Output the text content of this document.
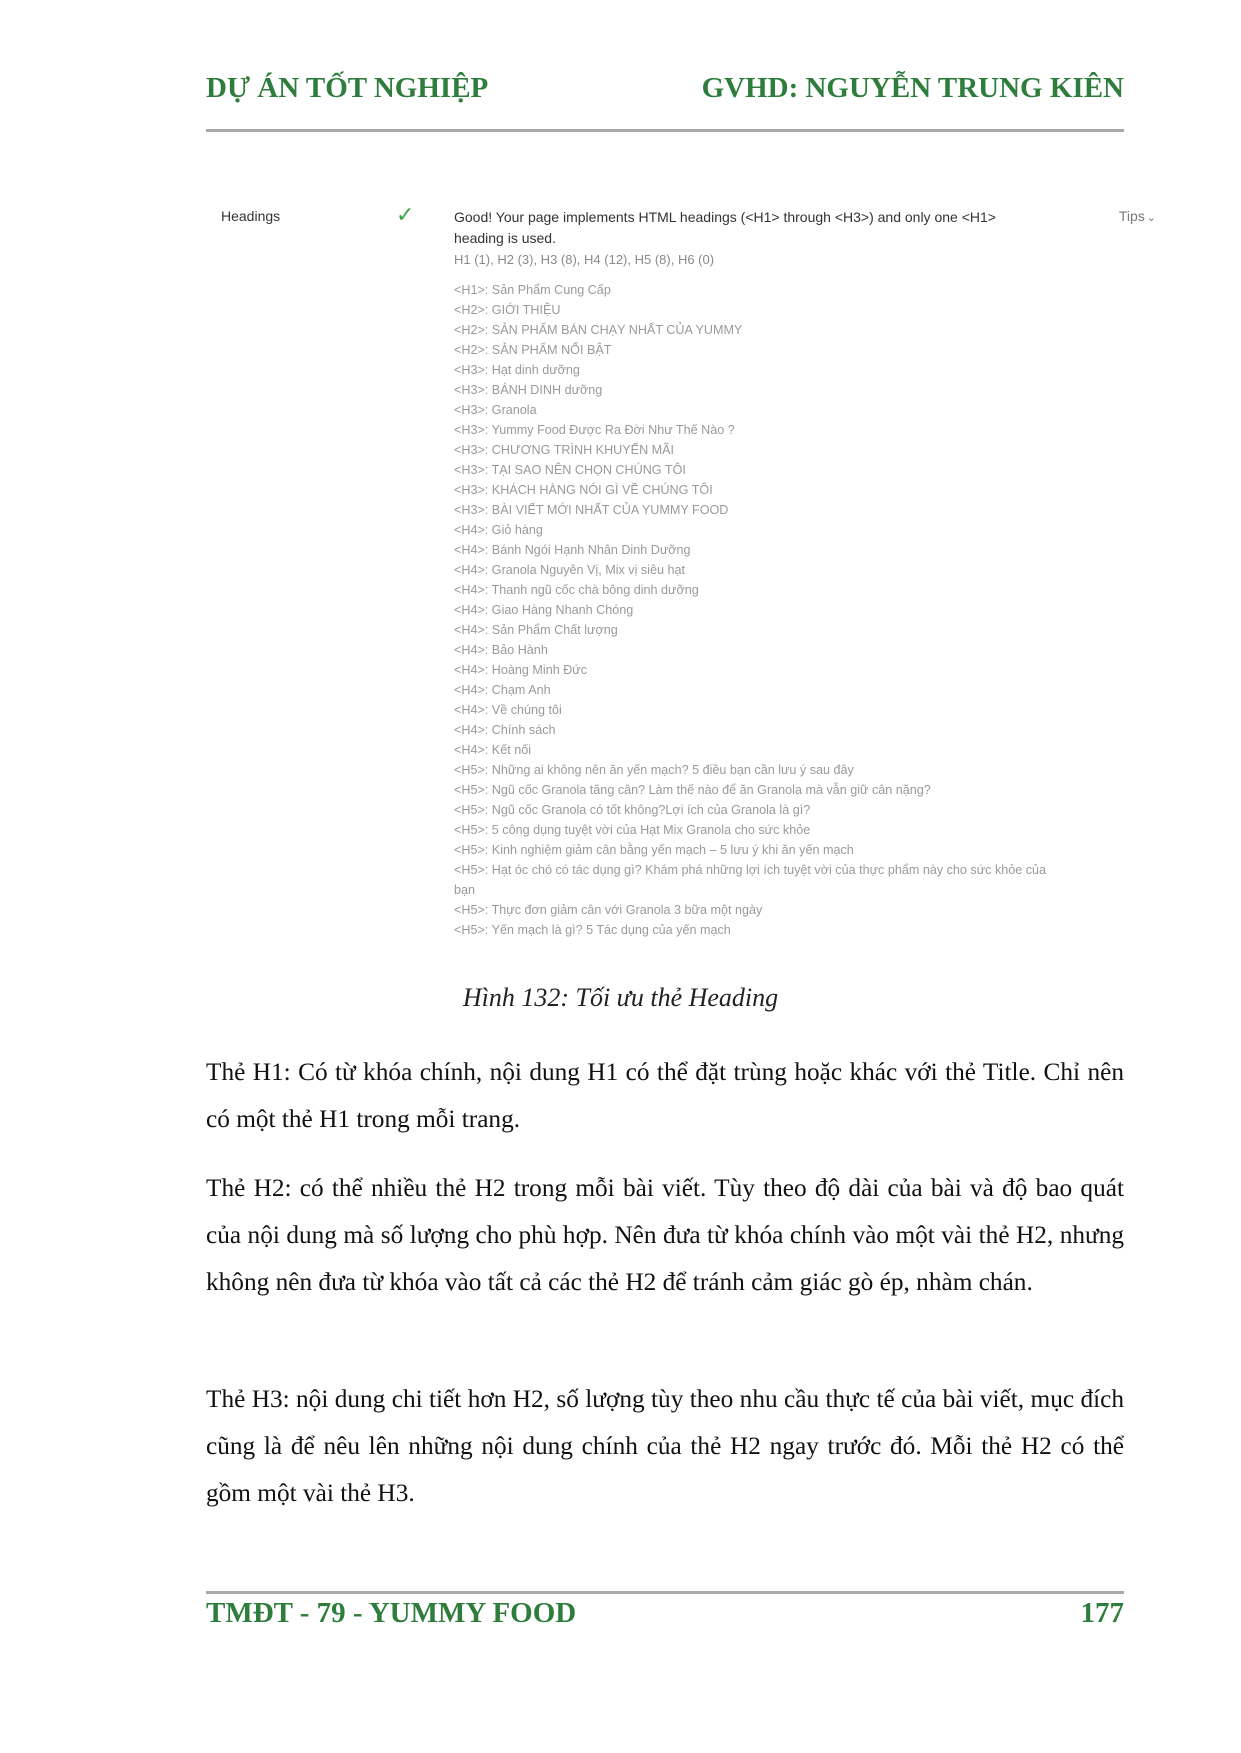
DỰ ÁN TỐT NGHIỆP	GVHD: NGUYỄN TRUNG KIÊN
Headings	✓	Good! Your page implements HTML headings (<H1> through <H3>) and only one <H1> heading is used.
H1 (1), H2 (3), H3 (8), H4 (12), H5 (8), H6 (0)
<H1>: Sản Phẩm Cung Cấp
<H2>: GIỚI THIỆU
<H2>: SẢN PHẨM BÁN CHẠY NHẤT CỦA YUMMY
<H2>: SẢN PHẨM NỔI BẬT
<H3>: Hạt dinh dưỡng
<H3>: BÁNH DINH dưỡng
<H3>: Granola
<H3>: Yummy Food Được Ra Đời Như Thế Nào ?
<H3>: CHƯƠNG TRÌNH KHUYẾN MÃI
<H3>: TẠI SAO NÊN CHỌN CHÚNG TÔI
<H3>: KHÁCH HÀNG NÓI GÌ VỀ CHÚNG TÔI
<H3>: BÀI VIẾT MỚI NHẤT CỦA YUMMY FOOD
<H4>: Giỏ hàng
<H4>: Bánh Ngói Hạnh Nhân Dinh Dưỡng
<H4>: Granola Nguyên Vị, Mix vị siêu hạt
<H4>: Thanh ngũ cốc chà bông dinh dưỡng
<H4>: Giao Hàng Nhanh Chóng
<H4>: Sản Phẩm Chất lượng
<H4>: Bảo Hành
<H4>: Hoàng Minh Đức
<H4>: Chạm Anh
<H4>: Về chúng tôi
<H4>: Chính sách
<H4>: Kết nối
<H5>: Những ai không nên ăn yến mạch? 5 điều bạn cần lưu ý sau đây
<H5>: Ngũ cốc Granola tăng cân? Làm thế nào để ăn Granola mà vẫn giữ cân nặng?
<H5>: Ngũ cốc Granola có tốt không?Lợi ích của Granola là gì?
<H5>: 5 công dụng tuyệt vời của Hạt Mix Granola cho sức khỏe
<H5>: Kinh nghiệm giảm cân bằng yến mạch – 5 lưu ý khi ăn yến mạch
<H5>: Hạt óc chó có tác dụng gì? Khám phá những lợi ích tuyệt vời của thực phẩm này cho sức khỏe của bạn
<H5>: Thực đơn giảm cân với Granola 3 bữa một ngày
<H5>: Yến mạch là gì? 5 Tác dụng của yến mạch
Tips ⌄
Hình 132: Tối ưu thẻ Heading

Thẻ H1: Có từ khóa chính, nội dung H1 có thể đặt trùng hoặc khác với thẻ Title. Chỉ nên có một thẻ H1 trong mỗi trang.

Thẻ H2: có thể nhiều thẻ H2 trong mỗi bài viết. Tùy theo độ dài của bài và độ bao quát của nội dung mà số lượng cho phù hợp. Nên đưa từ khóa chính vào một vài thẻ H2, nhưng không nên đưa từ khóa vào tất cả các thẻ H2 để tránh cảm giác gò ép, nhàm chán.

Thẻ H3: nội dung chi tiết hơn H2, số lượng tùy theo nhu cầu thực tế của bài viết, mục đích cũng là để nêu lên những nội dung chính của thẻ H2 ngay trước đó. Mỗi thẻ H2 có thể gồm một vài thẻ H3.

TMĐT - 79 - YUMMY FOOD	177
